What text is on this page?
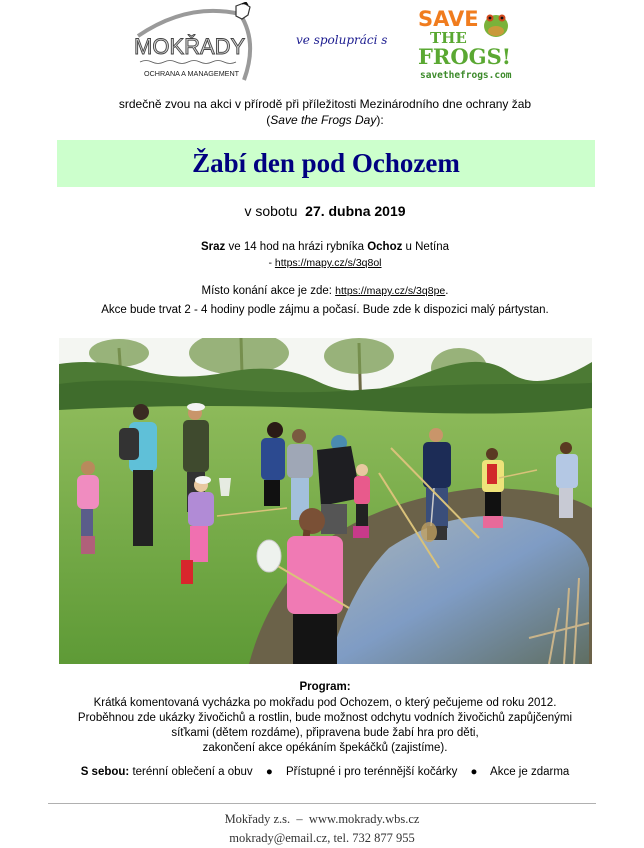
MOKŘADY
OCHRANA A MANAGEMENT
ve spolupráci s
SAVE
THE
FROGS!
savethefrogs.com
srdečně zvou na akci v přírodě při příležitosti Mezinárodního dne ochrany žab
(Save the Frogs Day):
Žabí den pod Ochozem
v sobotu 27. dubna 2019
Sraz ve 14 hod na hrázi rybníka Ochoz u Netína
- https://mapy.cz/s/3q8ol
Místo konání akce je zde: https://mapy.cz/s/3q8pe.
Akce bude trvat 2 - 4 hodiny podle zájmu a počasí. Bude zde k dispozici malý pártystan.
Program:
Krátká komentovaná vycházka po mokřadu pod Ochozem, o který pečujeme od roku 2012.
Proběhnou zde ukázky živočichů a rostlin, bude možnost odchytu vodních živočichů zapůjčenými
síťkami (dětem rozdáme), připravena bude žabí hra pro děti,
zakončení akce opékáním špekáčků (zajistíme).
S sebou: terénní oblečení a obuv ● Přístupné i pro terénnější kočárky ● Akce je zdarma
Mokřady z.s.  –  www.mokrady.wbs.cz
mokrady@email.cz, tel. 732 877 955
